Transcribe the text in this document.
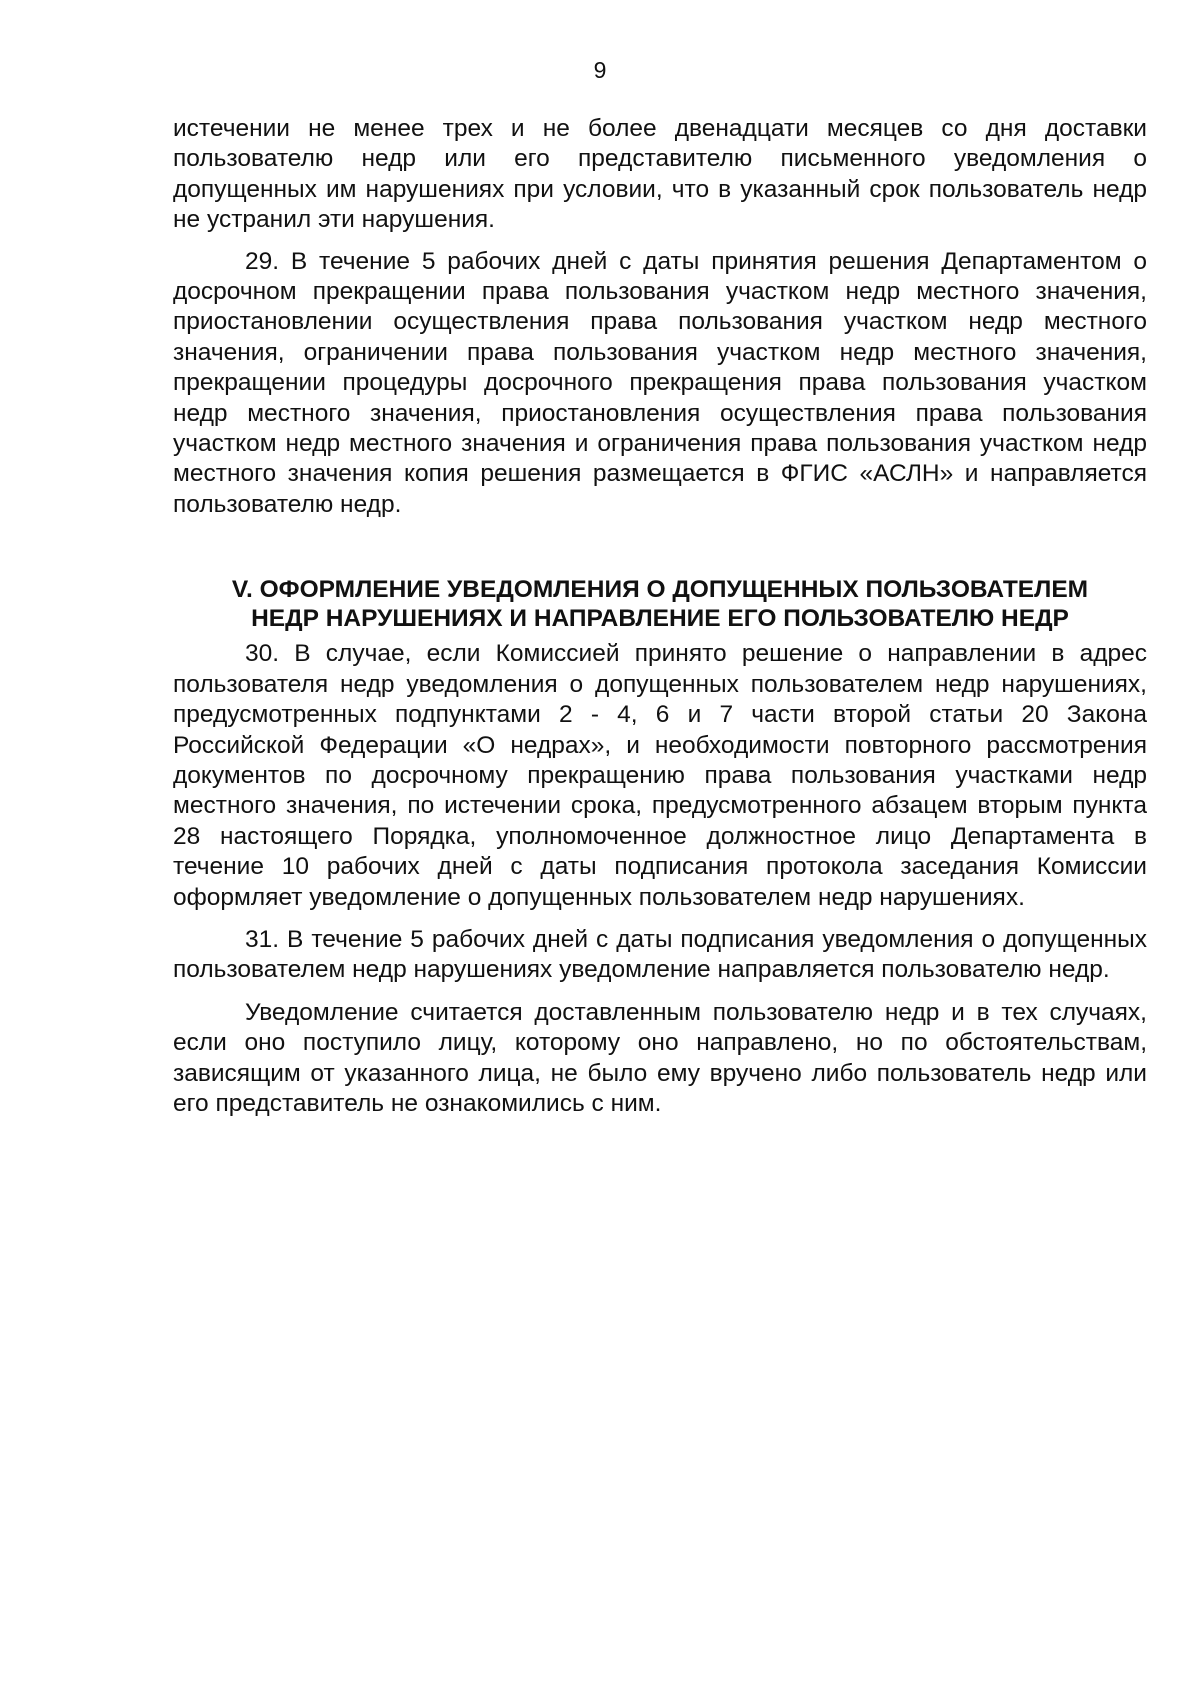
9

истечении не менее трех и не более двенадцати месяцев со дня доставки пользователю недр или его представителю письменного уведомления о допущенных им нарушениях при условии, что в указанный срок пользователь недр не устранил эти нарушения.

29. В течение 5 рабочих дней с даты принятия решения Департаментом о досрочном прекращении права пользования участком недр местного значения, приостановлении осуществления права пользования участком недр местного значения, ограничении права пользования участком недр местного значения, прекращении процедуры досрочного прекращения права пользования участком недр местного значения, приостановления осуществления права пользования участком недр местного значения и ограничения права пользования участком недр местного значения копия решения размещается в ФГИС «АСЛН» и направляется пользователю недр.

V. ОФОРМЛЕНИЕ УВЕДОМЛЕНИЯ О ДОПУЩЕННЫХ ПОЛЬЗОВАТЕЛЕМ
НЕДР НАРУШЕНИЯХ И НАПРАВЛЕНИЕ ЕГО ПОЛЬЗОВАТЕЛЮ НЕДР

30. В случае, если Комиссией принято решение о направлении в адрес пользователя недр уведомления о допущенных пользователем недр нарушениях, предусмотренных подпунктами 2 - 4, 6 и 7 части второй статьи 20 Закона Российской Федерации «О недрах», и необходимости повторного рассмотрения документов по досрочному прекращению права пользования участками недр местного значения, по истечении срока, предусмотренного абзацем вторым пункта 28 настоящего Порядка, уполномоченное должностное лицо Департамента в течение 10 рабочих дней с даты подписания протокола заседания Комиссии оформляет уведомление о допущенных пользователем недр нарушениях.

31. В течение 5 рабочих дней с даты подписания уведомления о допущенных пользователем недр нарушениях уведомление направляется пользователю недр.

Уведомление считается доставленным пользователю недр и в тех случаях, если оно поступило лицу, которому оно направлено, но по обстоятельствам, зависящим от указанного лица, не было ему вручено либо пользователь недр или его представитель не ознакомились с ним.
